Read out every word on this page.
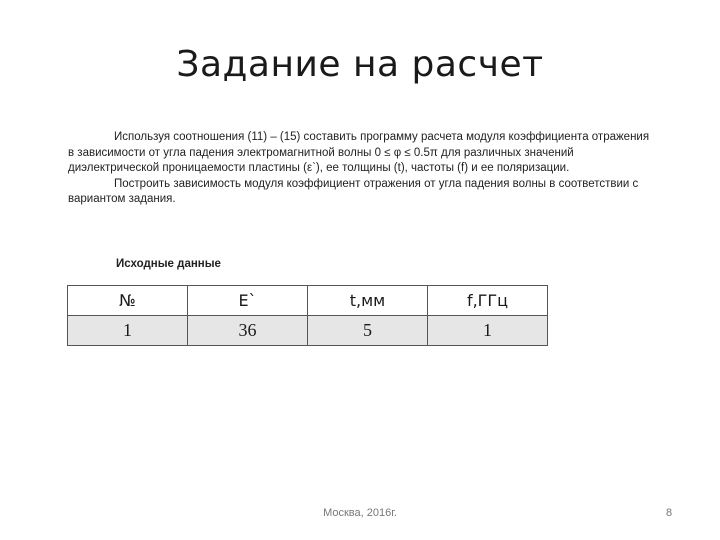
Задание на расчет

Используя соотношения (11) – (15) составить программу расчета модуля коэффициента отражения в зависимости от угла падения электромагнитной волны 0 ≤ φ ≤ 0.5π для различных значений диэлектрической проницаемости пластины (ε`), ее толщины (t), частоты (f) и ее поляризации.

Построить зависимость модуля коэффициент отражения от угла падения волны в соответствии с вариантом задания.

Исходные данные
№	Е`	t,мм	f,ГГц
1	36	5	1
Москва, 2016г.	8
